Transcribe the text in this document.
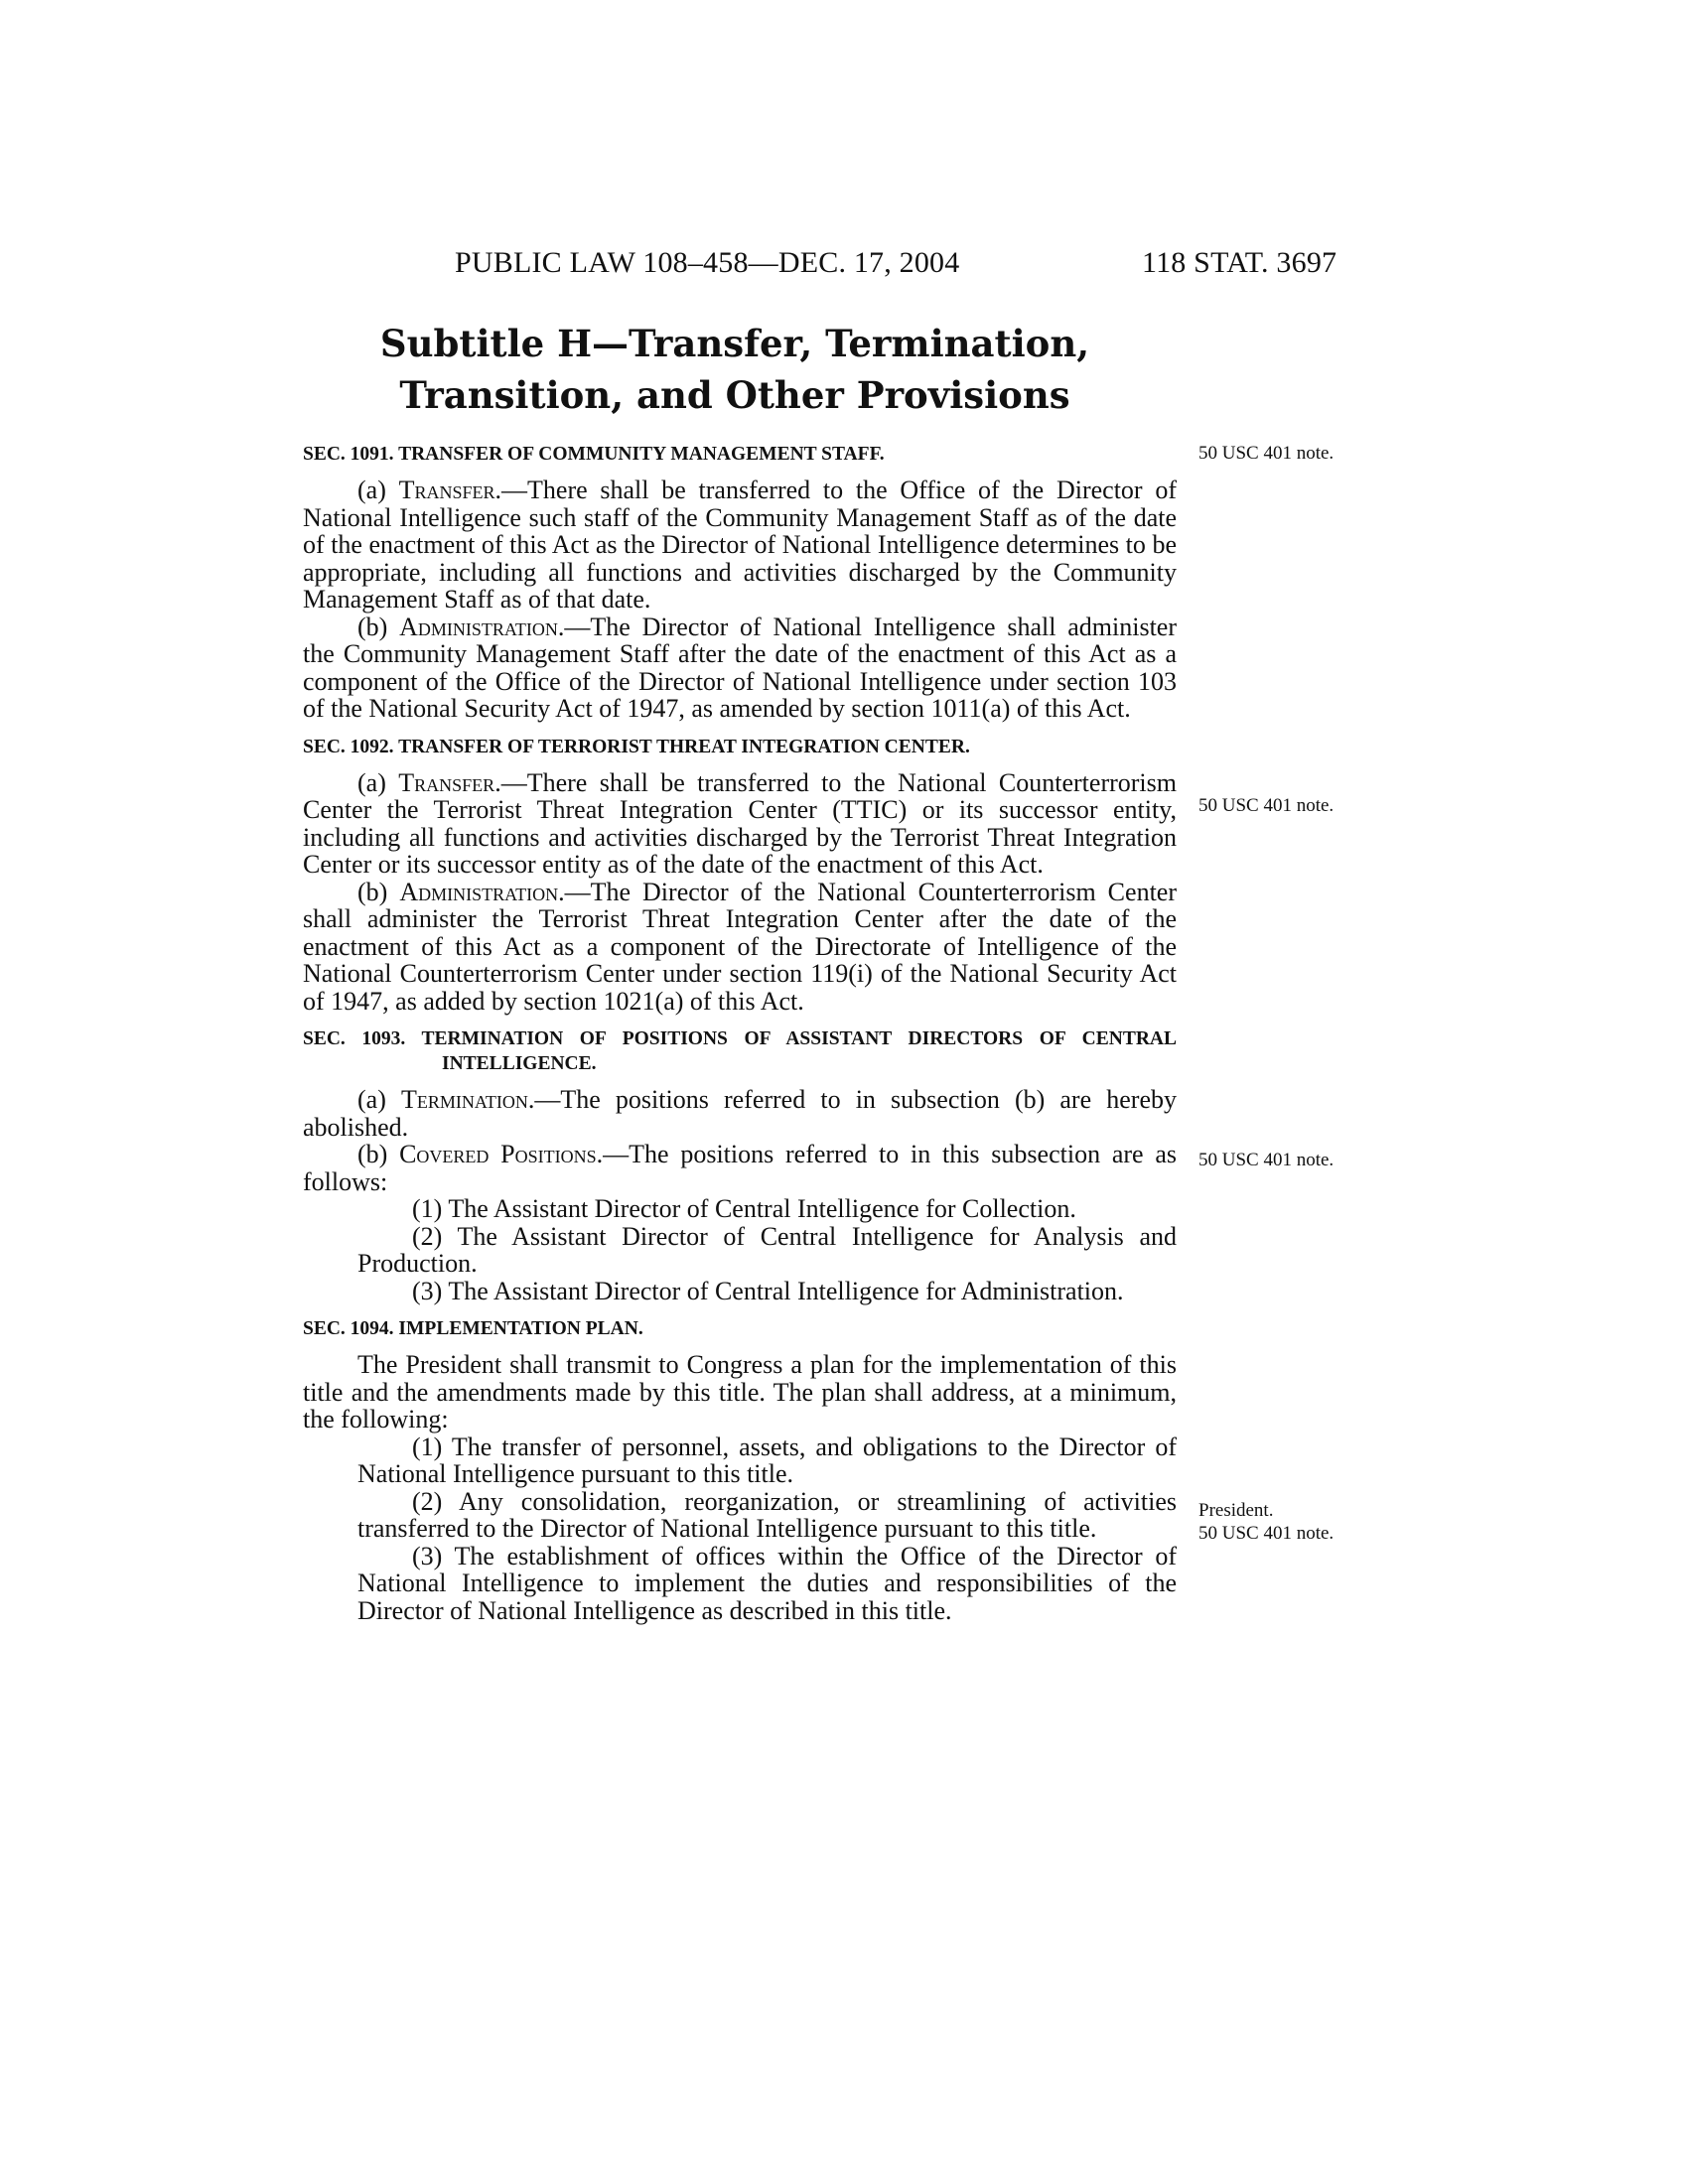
PUBLIC LAW 108–458—DEC. 17, 2004	118 STAT. 3697
Subtitle H—Transfer, Termination,
Transition, and Other Provisions
50 USC 401 note.
50 USC 401 note.
50 USC 401 note.
President.
50 USC 401 note.
SEC. 1091. TRANSFER OF COMMUNITY MANAGEMENT STAFF.

(a) Transfer.—There shall be transferred to the Office of the Director of National Intelligence such staff of the Community Management Staff as of the date of the enactment of this Act as the Director of National Intelligence determines to be appropriate, including all functions and activities discharged by the Community Management Staff as of that date.

(b) Administration.—The Director of National Intelligence shall administer the Community Management Staff after the date of the enactment of this Act as a component of the Office of the Director of National Intelligence under section 103 of the National Security Act of 1947, as amended by section 1011(a) of this Act.

SEC. 1092. TRANSFER OF TERRORIST THREAT INTEGRATION CENTER.

(a) Transfer.—There shall be transferred to the National Counterterrorism Center the Terrorist Threat Integration Center (TTIC) or its successor entity, including all functions and activities discharged by the Terrorist Threat Integration Center or its successor entity as of the date of the enactment of this Act.

(b) Administration.—The Director of the National Counterterrorism Center shall administer the Terrorist Threat Integration Center after the date of the enactment of this Act as a component of the Directorate of Intelligence of the National Counterterrorism Center under section 119(i) of the National Security Act of 1947, as added by section 1021(a) of this Act.

SEC. 1093. TERMINATION OF POSITIONS OF ASSISTANT DIRECTORS OF CENTRAL INTELLIGENCE.

(a) Termination.—The positions referred to in subsection (b) are hereby abolished.

(b) Covered Positions.—The positions referred to in this subsection are as follows:

(1) The Assistant Director of Central Intelligence for Collection.

(2) The Assistant Director of Central Intelligence for Analysis and Production.

(3) The Assistant Director of Central Intelligence for Administration.

SEC. 1094. IMPLEMENTATION PLAN.

The President shall transmit to Congress a plan for the implementation of this title and the amendments made by this title. The plan shall address, at a minimum, the following:

(1) The transfer of personnel, assets, and obligations to the Director of National Intelligence pursuant to this title.

(2) Any consolidation, reorganization, or streamlining of activities transferred to the Director of National Intelligence pursuant to this title.

(3) The establishment of offices within the Office of the Director of National Intelligence to implement the duties and responsibilities of the Director of National Intelligence as described in this title.
